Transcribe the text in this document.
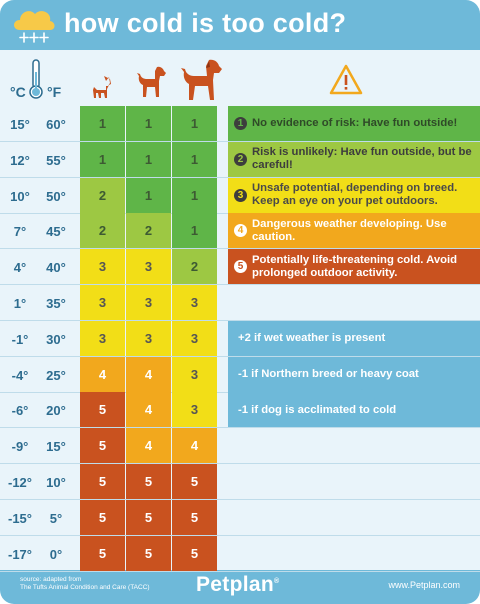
how cold is too cold?
°C °F
15°	60°	1	1	1
12°	55°	1	1	1
10°	50°	2	1	1
7°	45°	2	2	1
4°	40°	3	3	2
1°	35°	3	3	3
-1°	30°	3	3	3
-4°	25°	4	4	3
-6°	20°	5	4	3
-9°	15°	5	4	4
-12°	10°	5	5	5
-15°	5°	5	5	5
-17°	0°	5	5	5
1 No evidence of risk: Have fun outside!
2
Risk is unlikely: Have fun outside, but be careful!
3
Unsafe potential, depending on breed. Keep an eye on your pet outdoors.
4
Dangerous weather developing. Use caution.
5
Potentially life-threatening cold. Avoid prolonged outdoor activity.
+2 if wet weather is present
-1 if Northern breed or heavy coat
-1 if dog is acclimated to cold
source: adapted from
The Tufts Animal Condition and Care (TACC) Petplan®	www.Petplan.com
